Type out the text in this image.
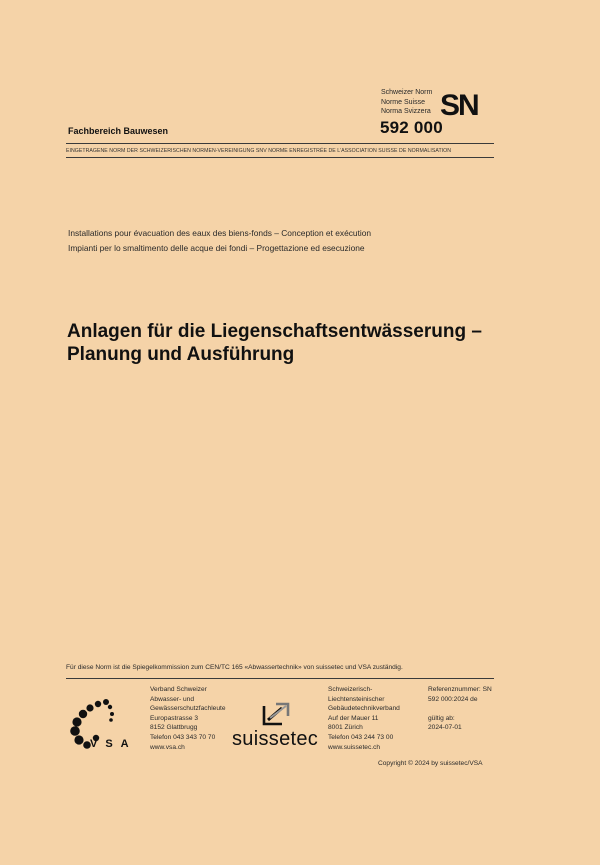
Schweizer Norm
Norme Suisse
Norma Svizzera SN
592 000
Fachbereich Bauwesen
EINGETRAGENE NORM DER SCHWEIZERISCHEN NORMEN-VEREINIGUNG SNV NORME ENREGISTRÉE DE L’ASSOCIATION SUISSE DE NORMALISATION
Installations pour évacuation des eaux des biens-fonds – Conception et exécution
Impianti per lo smaltimento delle acque dei fondi – Progettazione ed esecuzione
Anlagen für die Liegenschaftsentwässerung –
Planung und Ausführung
Für diese Norm ist die Spiegelkommission zum CEN/TC 165 «Abwassertechnik» von suissetec und VSA zuständig.
VSA
Verband Schweizer
Abwasser- und
Gewässerschutzfachleute
Europastrasse 3
8152 Glattbrugg
Telefon 043 343 70 70
www.vsa.ch	suissetec
Schweizerisch-
Liechtensteinischer
Gebäudetechnikverband
Auf der Mauer 11
8001 Zürich
Telefon 043 244 73 00
www.suissetec.ch
Referenznummer: SN
592 000:2024 de
gültig ab:
2024-07-01
Copyright © 2024 by suissetec/VSA
